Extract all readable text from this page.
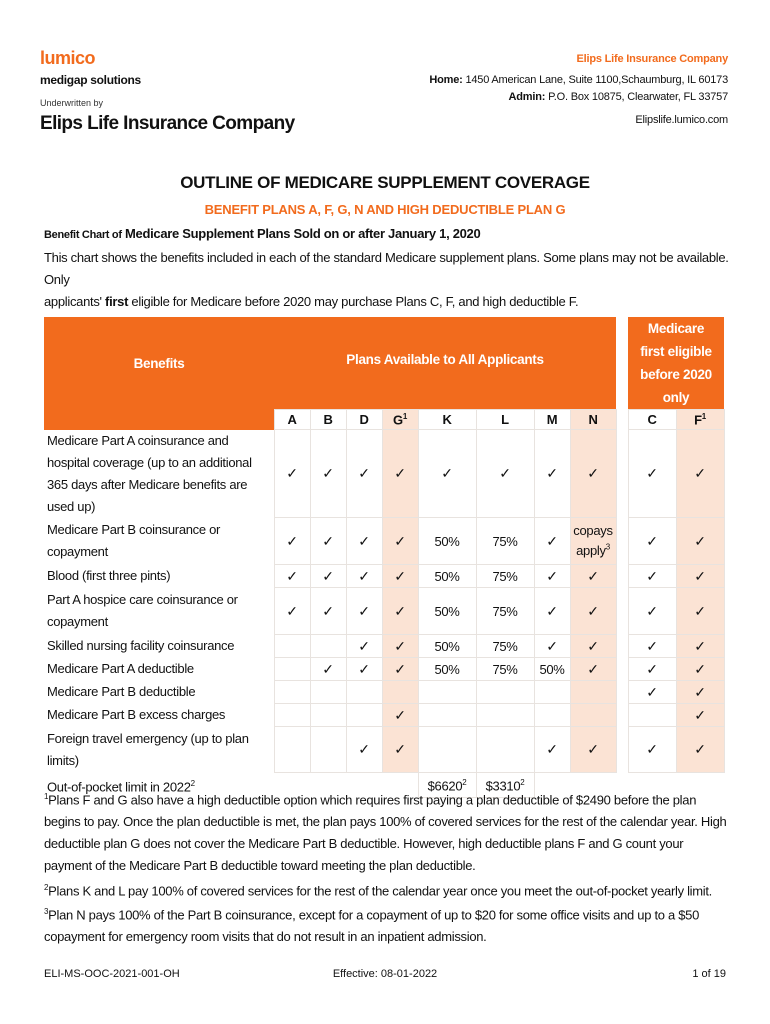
lumico
medigap solutions
Underwritten by
Elips Life Insurance Company
Elips Life Insurance Company
Home: 1450 American Lane, Suite 1100,Schaumburg, IL 60173
Admin: P.O. Box 10875, Clearwater, FL 33757
Elipslife.lumico.com
OUTLINE OF MEDICARE SUPPLEMENT COVERAGE
BENEFIT PLANS A, F, G, N AND HIGH DEDUCTIBLE PLAN G
Benefit Chart of Medicare Supplement Plans Sold on or after January 1, 2020
This chart shows the benefits included in each of the standard Medicare supplement plans. Some plans may not be available. Only
applicants' first eligible for Medicare before 2020 may purchase Plans C, F, and high deductible F.
Benefits	Plans Available to All Applicants									Medicare first eligible before 2020 only	
	A	B	D	$G^1$	K	L	M	N		C	$F^1$
Medicare Part A coinsurance and hospital coverage (up to an additional 365 days after Medicare benefits are used up)	✓	✓	✓	✓	✓	✓	✓	✓		✓	✓
Medicare Part B coinsurance or copayment	✓	✓	✓	✓	50%	75%	✓	copays apply$^3$		✓	✓
Blood (first three pints)	✓	✓	✓	✓	50%	75%	✓	✓		✓	✓
Part A hospice care coinsurance or copayment	✓	✓	✓	✓	50%	75%	✓	✓		✓	✓
Skilled nursing facility coinsurance			✓	✓	50%	75%	✓	✓		✓	✓
Medicare Part A deductible		✓	✓	✓	50%	75%	50%	✓		✓	✓
Medicare Part B deductible										✓	✓
Medicare Part B excess charges				✓							✓
Foreign travel emergency (up to plan limits)			✓	✓			✓	✓		✓	✓
Out-of-pocket limit in 2022$^2$					$6620$^2$	$3310$^2$					
$^1$Plans F and G also have a high deductible option which requires first paying a plan deductible of $2490 before the plan begins to pay. Once the plan deductible is met, the plan pays 100% of covered services for the rest of the calendar year. High deductible plan G does not cover the Medicare Part B deductible. However, high deductible plans F and G count your payment of the Medicare Part B deductible toward meeting the plan deductible.
$^2$Plans K and L pay 100% of covered services for the rest of the calendar year once you meet the out-of-pocket yearly limit.
$^3$Plan N pays 100% of the Part B coinsurance, except for a copayment of up to $20 for some office visits and up to a $50 copayment for emergency room visits that do not result in an inpatient admission.
ELI-MS-OOC-2021-001-OH	Effective: 08-01-2022	1 of 19
